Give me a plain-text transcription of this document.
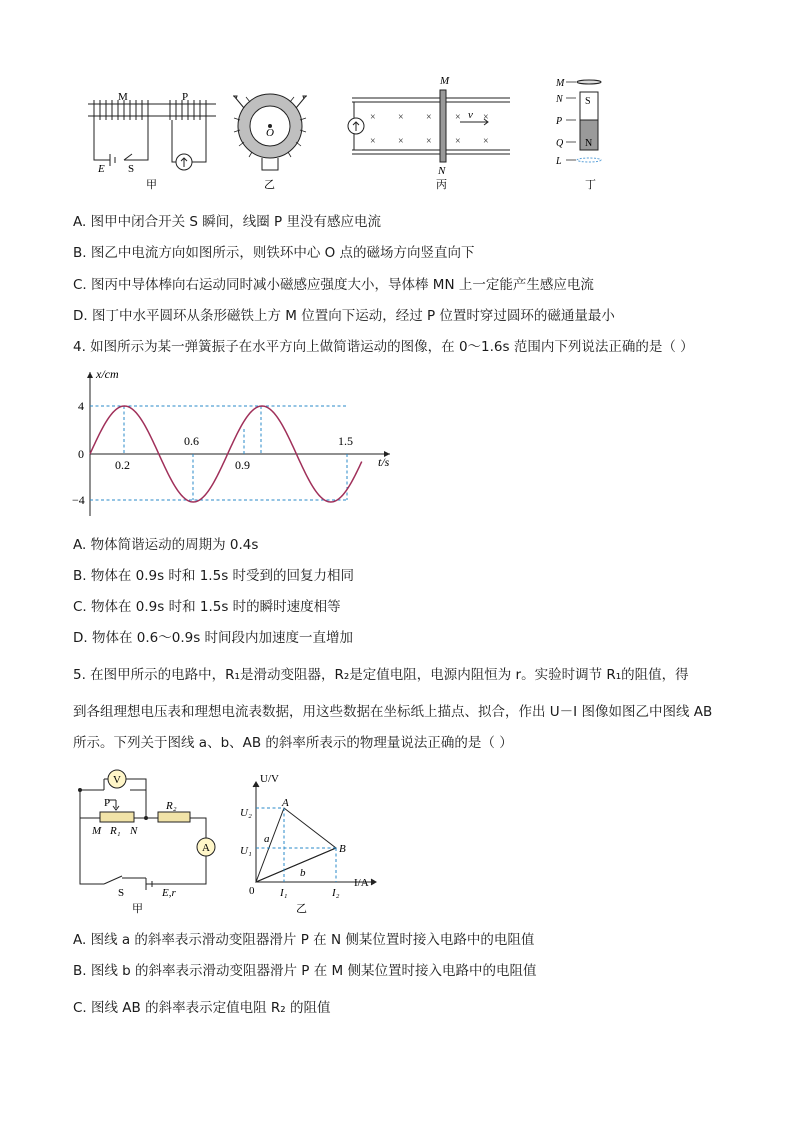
M	P
E S
甲
O
乙
× × × × ×
× × × × ×
M
N
v
丙
M
N
P
Q
L
S
N
丁
A. 图甲中闭合开关 S 瞬间，线圈 P 里没有感应电流
B. 图乙中电流方向如图所示，则铁环中心 O 点的磁场方向竖直向下
C. 图丙中导体棒向右运动同时减小磁感应强度大小，导体棒 MN 上一定能产生感应电流
D. 图丁中水平圆环从条形磁铁上方 M 位置向下运动，经过 P 位置时穿过圆环的磁通量最小
4. 如图所示为某一弹簧振子在水平方向上做简谐运动的图像，在 0～1.6s 范围内下列说法正确的是（ ）
x/cm
t/s
4
0
−4
0.2
0.6
0.9
1.5
A. 物体简谐运动的周期为 0.4s
B. 物体在 0.9s 时和 1.5s 时受到的回复力相同
C. 物体在 0.9s 时和 1.5s 时的瞬时速度相等
D. 物体在 0.6～0.9s 时间段内加速度一直增加
5. 在图甲所示的电路中，R₁是滑动变阻器，R₂是定值电阻，电源内阻恒为 r。实验时调节 R₁的阻值，得
到各组理想电压表和理想电流表数据，用这些数据在坐标纸上描点、拟合，作出 U－I 图像如图乙中图线 AB
所示。下列关于图线 a、b、AB 的斜率所表示的物理量说法正确的是（ ）
V
A
P
M R₁ N
R₂
S	E,r
甲
U/V
I/A
U₂
U₁
I₁	I₂
A
B
a
b
0
乙
A. 图线 a 的斜率表示滑动变阻器滑片 P 在 N 侧某位置时接入电路中的电阻值
B. 图线 b 的斜率表示滑动变阻器滑片 P 在 M 侧某位置时接入电路中的电阻值
C. 图线 AB 的斜率表示定值电阻 R₂ 的阻值
